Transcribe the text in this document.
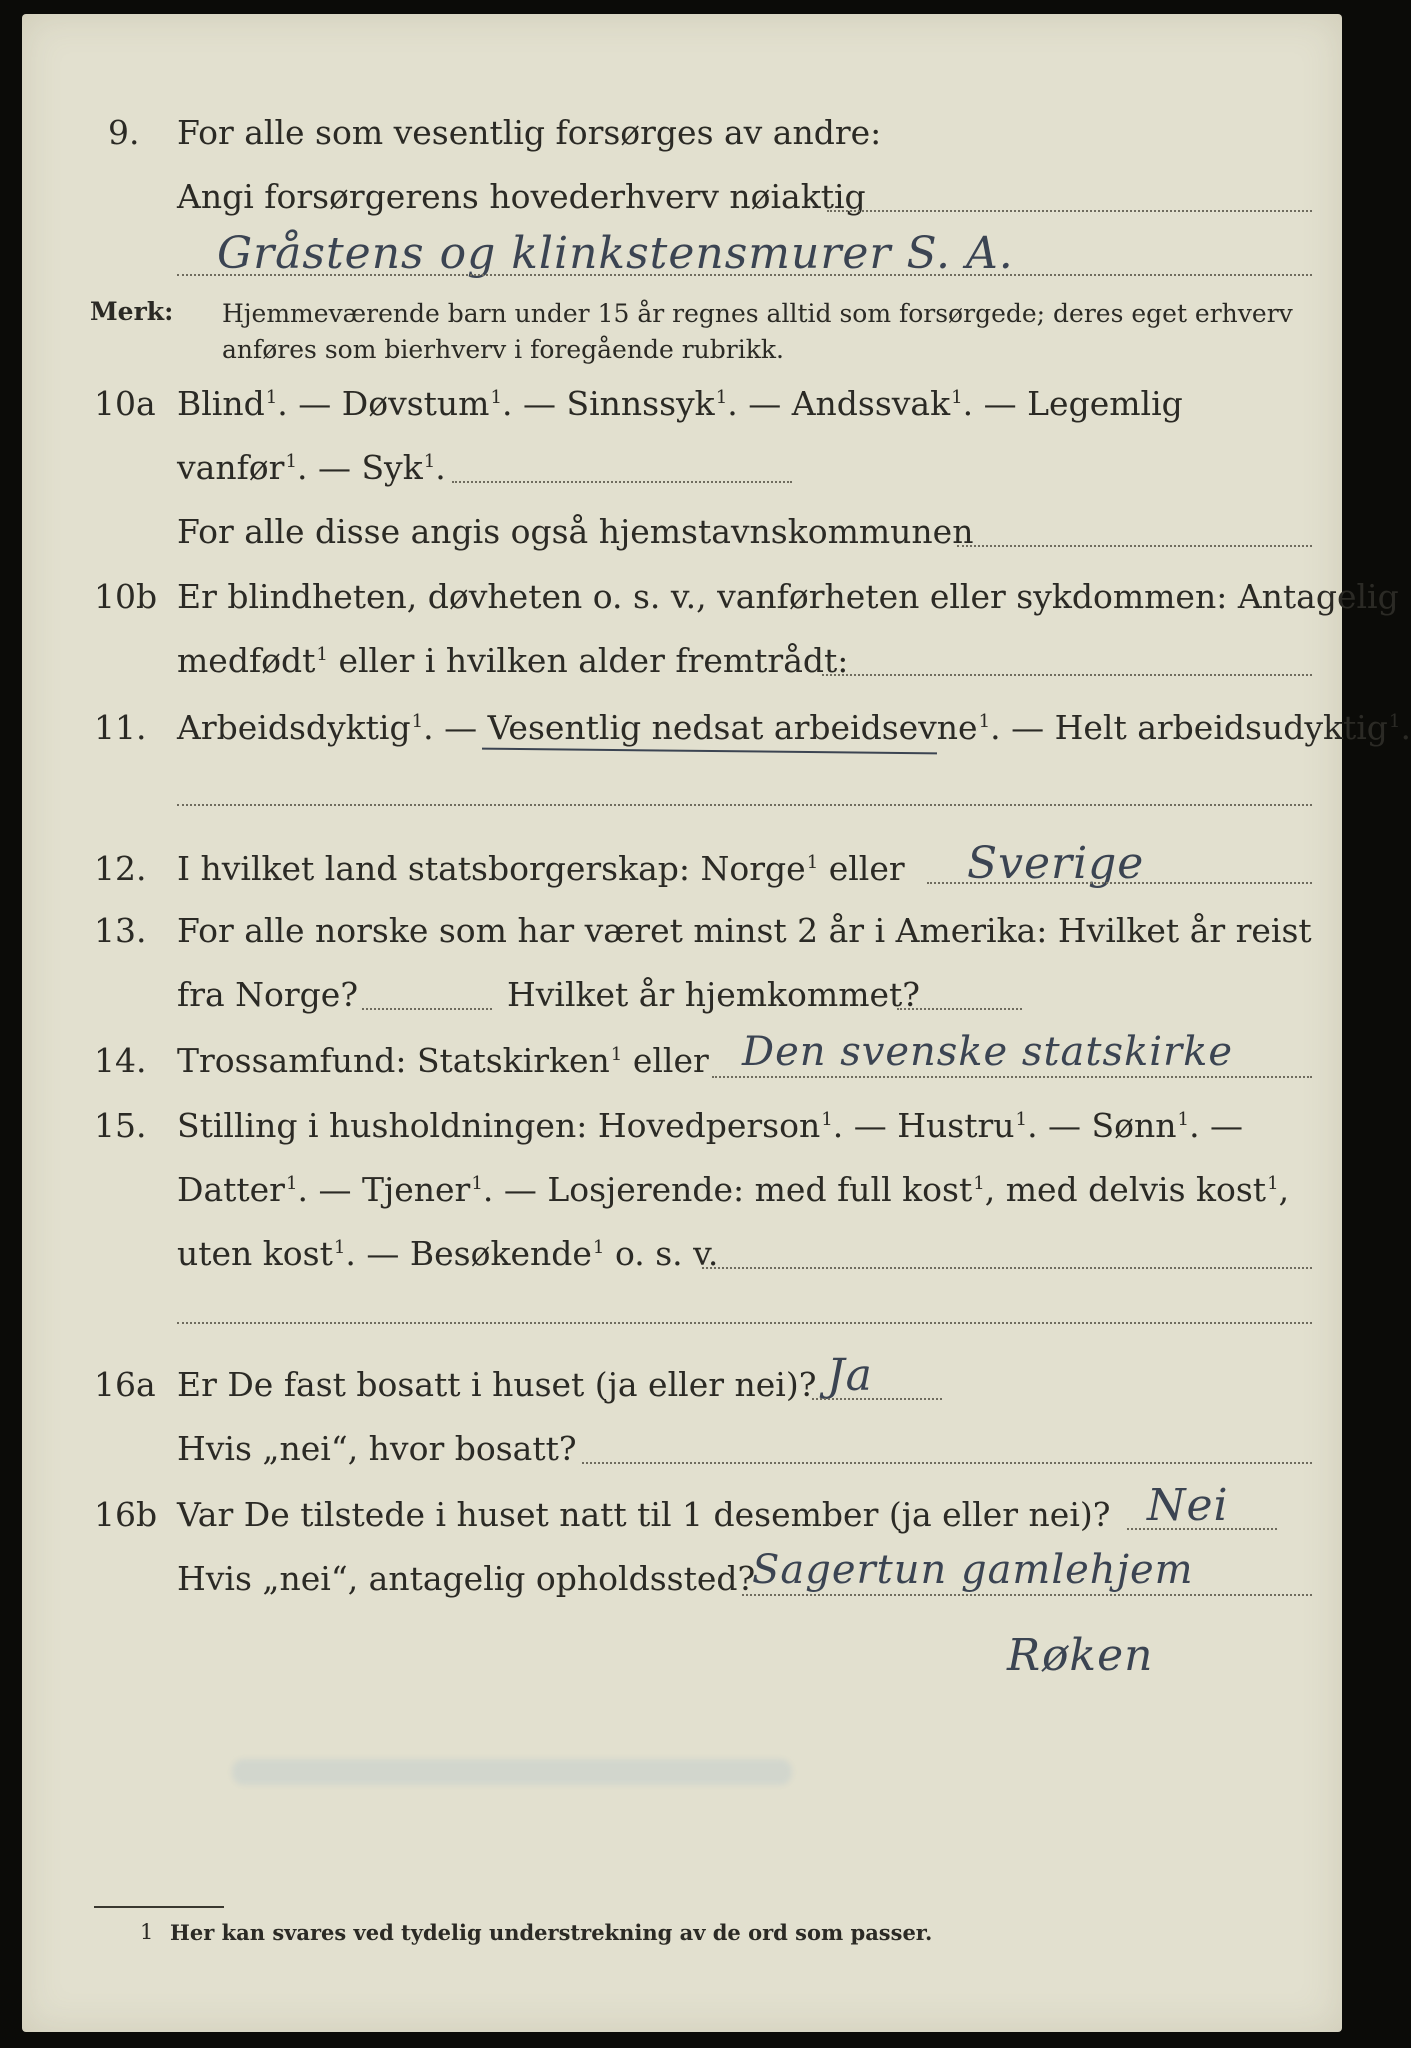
9. For alle som vesentlig forsørges av andre:
Angi forsørgerens hovederhverv nøiaktig
Gråstens og klinkstensmurer S. A.
Merk: Hjemmeværende barn under 15 år regnes alltid som forsørgede; deres eget erhverv
anføres som bierhverv i foregående rubrikk.
10a Blind$^1$. — Døvstum$^1$. — Sinnssyk$^1$. — Andssvak$^1$. — Legemlig
vanfør$^1$. — Syk$^1$.
For alle disse angis også hjemstavnskommunen
10b Er blindheten, døvheten o. s. v., vanførheten eller sykdommen: Antagelig
medfødt$^1$ eller i hvilken alder fremtrådt:
11. Arbeidsdyktig$^1$. — Vesentlig nedsat arbeidsevne$^1$. — Helt arbeidsudyktig$^1$.
12. I hvilket land statsborgerskap: Norge$^1$ eller Sverige
13. For alle norske som har været minst 2 år i Amerika: Hvilket år reist
fra Norge?	Hvilket år hjemkommet?
14. Trossamfund: Statskirken$^1$ eller Den svenske statskirke
15. Stilling i husholdningen: Hovedperson$^1$. — Hustru$^1$. — Sønn$^1$. —
Datter$^1$. — Tjener$^1$. — Losjerende: med full kost$^1$, med delvis kost$^1$,
uten kost$^1$. — Besøkende$^1$ o. s. v.
16a Er De fast bosatt i huset (ja eller nei)? Ja
Hvis „nei“, hvor bosatt?
16b Var De tilstede i huset natt til 1 desember (ja eller nei)? Nei
Hvis „nei“, antagelig opholdssted?
Sagertun gamlehjem
Røken
1 Her kan svares ved tydelig understrekning av de ord som passer.
